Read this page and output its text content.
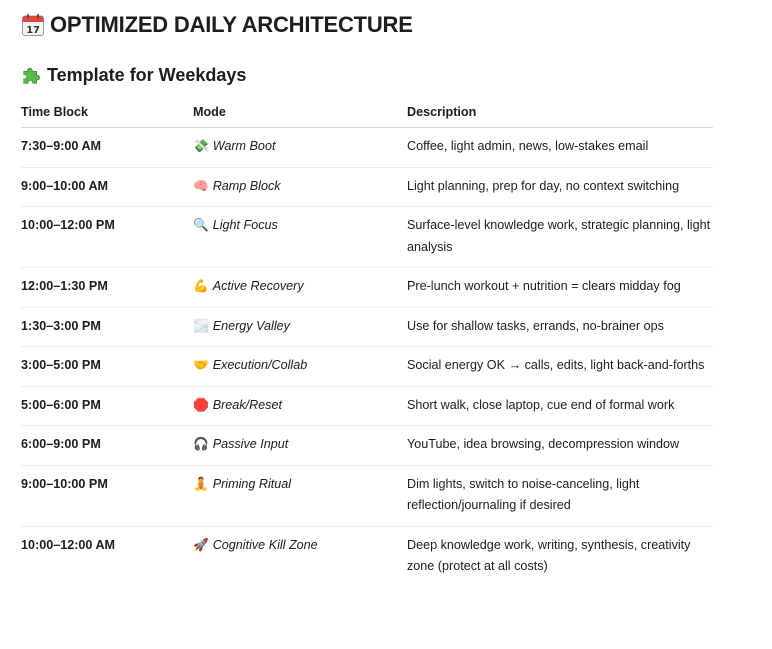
17 OPTIMIZED DAILY ARCHITECTURE
Template for Weekdays
Time Block	Mode	Description
7:30–9:00 AM	💸 Warm Boot	Coffee, light admin, news, low-stakes email
9:00–10:00 AM	🧠 Ramp Block	Light planning, prep for day, no context switching
10:00–12:00 PM	🔍 Light Focus	Surface-level knowledge work, strategic planning, light analysis
12:00–1:30 PM	💪 Active Recovery	Pre-lunch workout + nutrition = clears midday fog
1:30–3:00 PM	🌫️ Energy Valley	Use for shallow tasks, errands, no-brainer ops
3:00–5:00 PM	🤝 Execution/Collab	Social energy OK → calls, edits, light back-and-forths
5:00–6:00 PM	🛑 Break/Reset	Short walk, close laptop, cue end of formal work
6:00–9:00 PM	🎧 Passive Input	YouTube, idea browsing, decompression window
9:00–10:00 PM	🧘 Priming Ritual	Dim lights, switch to noise-canceling, light reflection/journaling if desired
10:00–12:00 AM	🚀 Cognitive Kill Zone	Deep knowledge work, writing, synthesis, creativity zone (protect at all costs)
